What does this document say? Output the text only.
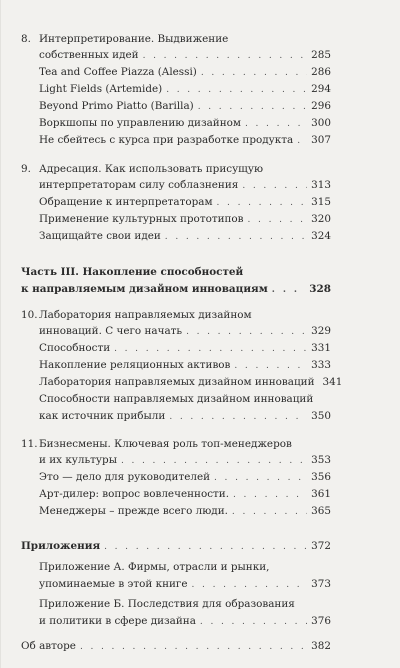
8. Интерпретирование. Выдвижение
собственных идей . . .	285
Tea and Coffee Piazza (Alessi) . . .	286
Light Fields (Artemide) . . .	294
Beyond Primo Piatto (Barilla) . . .	296
Воркшопы по управлению дизайном . . .	300
Не сбейтесь с курса при разработке продукта . . . 307
9. Адресация. Как использовать присущую
интерпретаторам силу соблазнения . . .	313
Обращение к интерпретаторам . . .	315
Применение культурных прототипов . . .	320
Защищайте свои идеи . . .	324
Часть III. Накопление способностей
к направляемым дизайном инновациям . . .	328
10. Лаборатория направляемых дизайном
инноваций. С чего начать . . .	329
Способности . . .	331
Накопление реляционных активов . . .	333
Лаборатория направляемых дизайном инноваций 341
Способности направляемых дизайном инноваций
как источник прибыли . . .	350
11. Бизнесмены. Ключевая роль топ-менеджеров
и их культуры . . .	353
Это — дело для руководителей . . .	356
Арт-дилер: вопрос вовлеченности. . . .	361
Менеджеры – прежде всего люди. . . .	365
Приложения . . .	372
Приложение А. Фирмы, отрасли и рынки,
упоминаемые в этой книге . . .	373
Приложение Б. Последствия для образования
и политики в сфере дизайна . . .	376
Об авторе . . .	382
